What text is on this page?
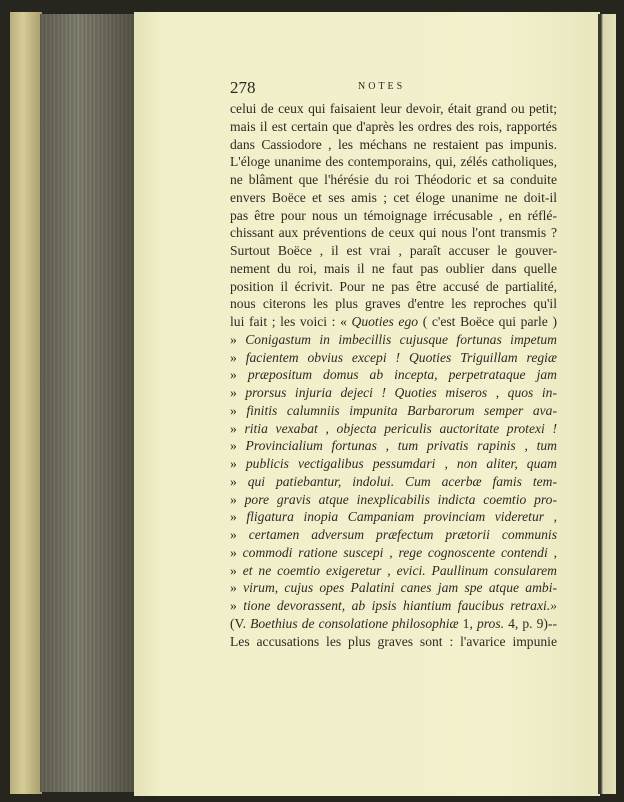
278	NOTES
celui de ceux qui faisaient leur devoir, était grand ou petit;
mais il est certain que d'après les ordres des rois, rapportés
dans Cassiodore , les méchans ne restaient pas impunis.
L'éloge unanime des contemporains, qui, zélés catholiques,
ne blâment que l'hérésie du roi Théodoric et sa conduite
envers Boëce et ses amis ; cet éloge unanime ne doit-il
pas être pour nous un témoignage irrécusable , en réflé-
chissant aux préventions de ceux qui nous l'ont transmis ?
Surtout Boëce , il est vrai , paraît accuser le gouver-
nement du roi, mais il ne faut pas oublier dans quelle
position il écrivit. Pour ne pas être accusé de partialité,
nous citerons les plus graves d'entre les reproches qu'il
lui fait ; les voici : « Quoties ego ( c'est Boëce qui parle )
» Conigastum in imbecillis cujusque fortunas impetum
» facientem obvius excepi ! Quoties Triguillam regiæ
» præpositum domus ab incepta, perpetrataque jam
» prorsus injuria dejeci ! Quoties miseros , quos in-
» finitis calumniis impunita Barbarorum semper ava-
» ritia vexabat , objecta periculis auctoritate protexi !
» Provincialium fortunas , tum privatis rapinis , tum
» publicis vectigalibus pessumdari , non aliter, quam
» qui patiebantur, indolui. Cum acerbæ famis tem-
» pore gravis atque inexplicabilis indicta coemtio pro-
» fligatura inopia Campaniam provinciam videretur ,
» certamen adversum præfectum prætorii communis
» commodi ratione suscepi , rege cognoscente contendi ,
» et ne coemtio exigeretur , evici. Paullinum consularem
» virum, cujus opes Palatini canes jam spe atque ambi-
» tione devorassent, ab ipsis hiantium faucibus retraxi.»
(V. Boethius de consolatione philosophiæ 1, pros. 4, p. 9)--
Les accusations les plus graves sont : l'avarice impunie
